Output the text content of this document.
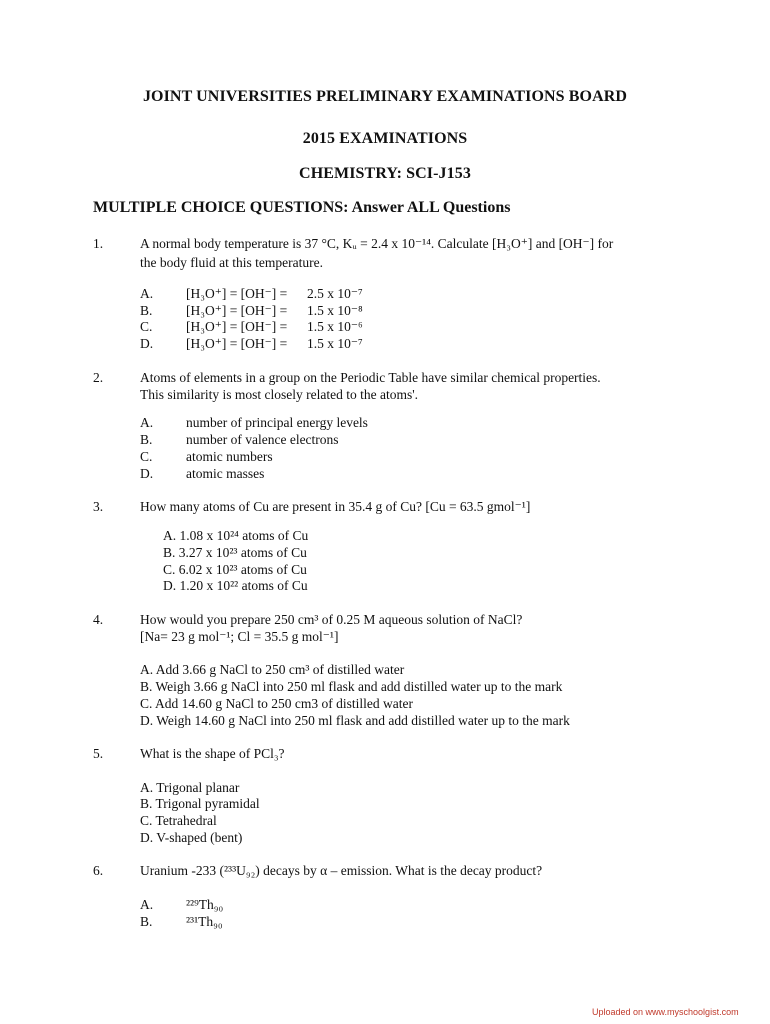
JOINT UNIVERSITIES PRELIMINARY EXAMINATIONS BOARD
2015 EXAMINATIONS
CHEMISTRY: SCI-J153
MULTIPLE CHOICE QUESTIONS: Answer ALL Questions
1.	A normal body temperature is 37 °C, Kᵤ = 2.4 x 10⁻¹⁴. Calculate [H₃O⁺] and [OH⁻] for
the body fluid at this temperature.
A. [H₃O⁺] = [OH⁻] = 2.5 x 10⁻⁷
B. [H₃O⁺] = [OH⁻] = 1.5 x 10⁻⁸
C. [H₃O⁺] = [OH⁻] = 1.5 x 10⁻⁶
D. [H₃O⁺] = [OH⁻] = 1.5 x 10⁻⁷
2.	Atoms of elements in a group on the Periodic Table have similar chemical properties.
This similarity is most closely related to the atoms'.
A. number of principal energy levels
B. number of valence electrons
C. atomic numbers
D. atomic masses
3.	How many atoms of Cu are present in 35.4 g of Cu? [Cu = 63.5 gmol⁻¹]
A. 1.08 x 10²⁴ atoms of Cu
B. 3.27 x 10²³ atoms of Cu
C. 6.02 x 10²³ atoms of Cu
D. 1.20 x 10²² atoms of Cu
4.	How would you prepare 250 cm³ of 0.25 M aqueous solution of NaCl?
[Na= 23 g mol⁻¹; Cl = 35.5 g mol⁻¹]
A. Add 3.66 g NaCl to 250 cm³ of distilled water
B. Weigh 3.66 g NaCl into 250 ml flask and add distilled water up to the mark
C. Add 14.60 g NaCl to 250 cm3 of distilled water
D. Weigh 14.60 g NaCl into 250 ml flask and add distilled water up to the mark
5.	What is the shape of PCl₃?
A. Trigonal planar
B. Trigonal pyramidal
C. Tetrahedral
D. V-shaped (bent)
6.	Uranium -233 (²³³U₉₂) decays by α – emission. What is the decay product?
A. ²²⁹Th₉₀
B. ²³¹Th₉₀
Uploaded on www.myschoolgist.com
